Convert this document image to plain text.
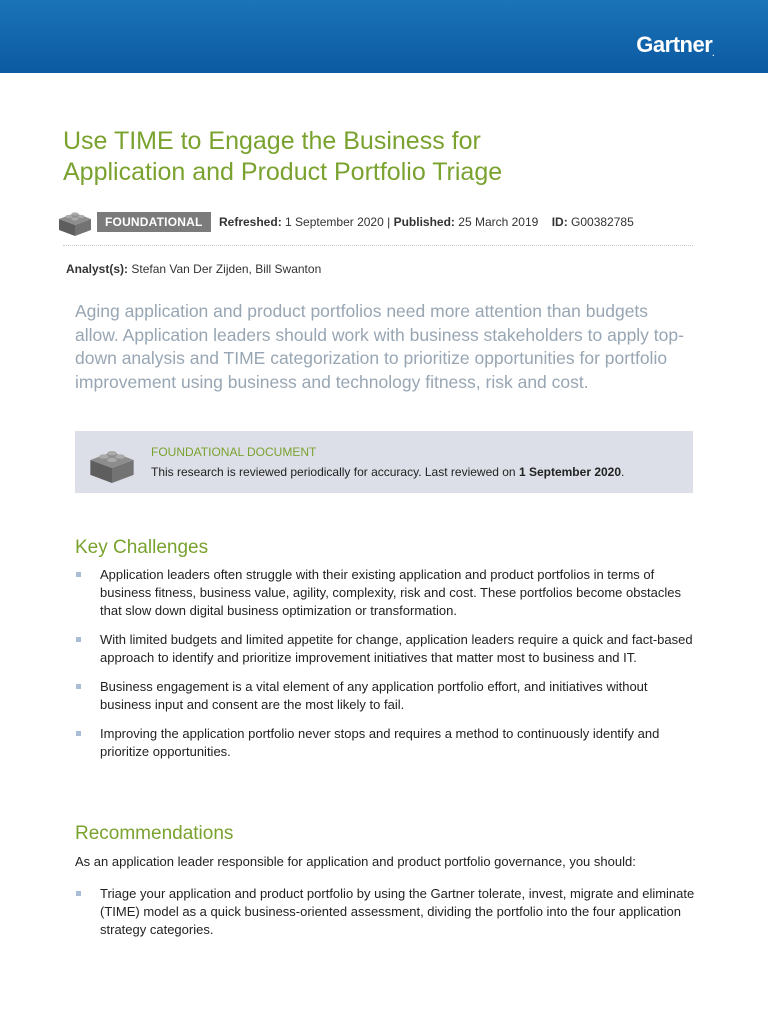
Gartner.
Use TIME to Engage the Business for
Application and Product Portfolio Triage
FOUNDATIONAL	Refreshed: 1 September 2020 | Published: 25 March 2019 ID: G00382785
Analyst(s): Stefan Van Der Zijden, Bill Swanton

Aging application and product portfolios need more attention than budgets allow. Application leaders should work with business stakeholders to apply top-down analysis and TIME categorization to prioritize opportunities for portfolio improvement using business and technology fitness, risk and cost.

FOUNDATIONAL DOCUMENT
This research is reviewed periodically for accuracy. Last reviewed on 1 September 2020.
Key Challenges
Application leaders often struggle with their existing application and product portfolios in terms of business fitness, business value, agility, complexity, risk and cost. These portfolios become obstacles that slow down digital business optimization or transformation.
With limited budgets and limited appetite for change, application leaders require a quick and fact-based approach to identify and prioritize improvement initiatives that matter most to business and IT.
Business engagement is a vital element of any application portfolio effort, and initiatives without business input and consent are the most likely to fail.
Improving the application portfolio never stops and requires a method to continuously identify and prioritize opportunities.
Recommendations
As an application leader responsible for application and product portfolio governance, you should:
Triage your application and product portfolio by using the Gartner tolerate, invest, migrate and eliminate (TIME) model as a quick business-oriented assessment, dividing the portfolio into the four application strategy categories.
